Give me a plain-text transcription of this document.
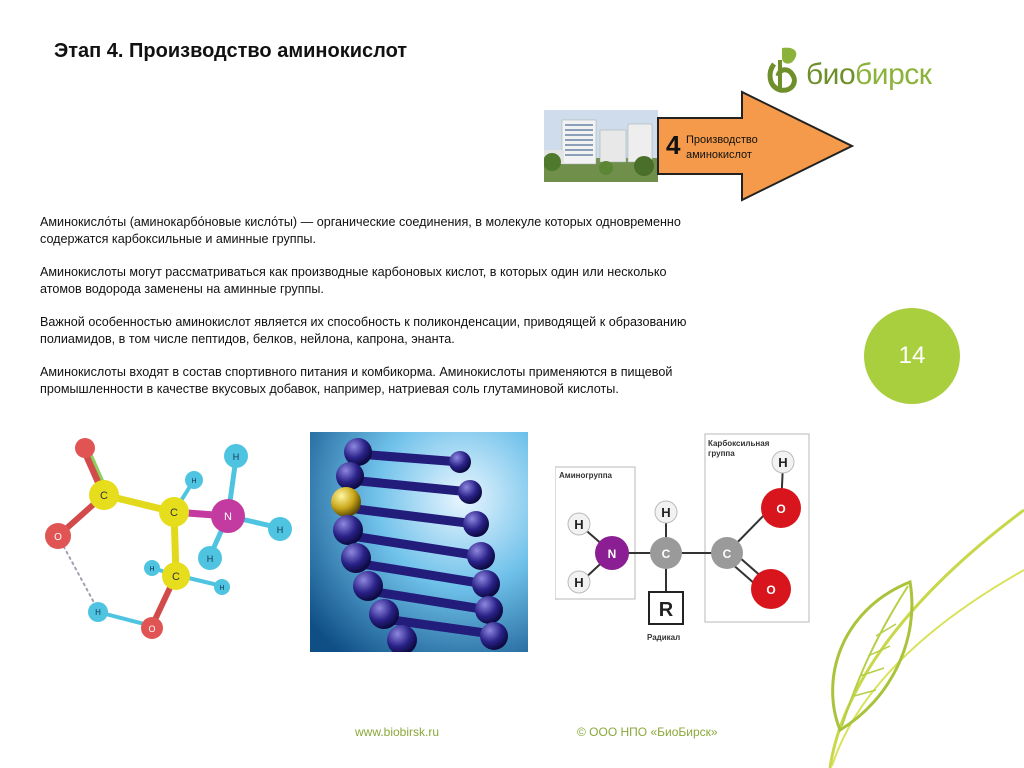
Этап 4. Производство аминокислот
биобирск
4 Производство аминокислот

Аминокисло́ты (аминокарбо́новые кисло́ты) — органические соединения, в молекуле которых одновременно содержатся карбоксильные и аминные группы.

Аминокислоты могут рассматриваться как производные карбоновых кислот, в которых один или несколько атомов водорода заменены на аминные группы.

Важной особенностью аминокислот является их способность к поликонденсации, приводящей к образованию полиамидов, в том числе пептидов, белков, нейлона, капрона, энанта.

Аминокислоты входят в состав спортивного питания и комбикорма. Аминокислоты применяются в пищевой промышленности в качестве вкусовых добавок, например, натриевая соль глутаминовой кислоты.

14
C
O
C
H
N
H
H
H
H
C
H
O
H
Аминогруппа
Карбоксильная
группа
H
H
N
H
C
R
Радикал
C
O
O
H
www.biobirsk.ru	© ООО НПО «БиоБирск»
